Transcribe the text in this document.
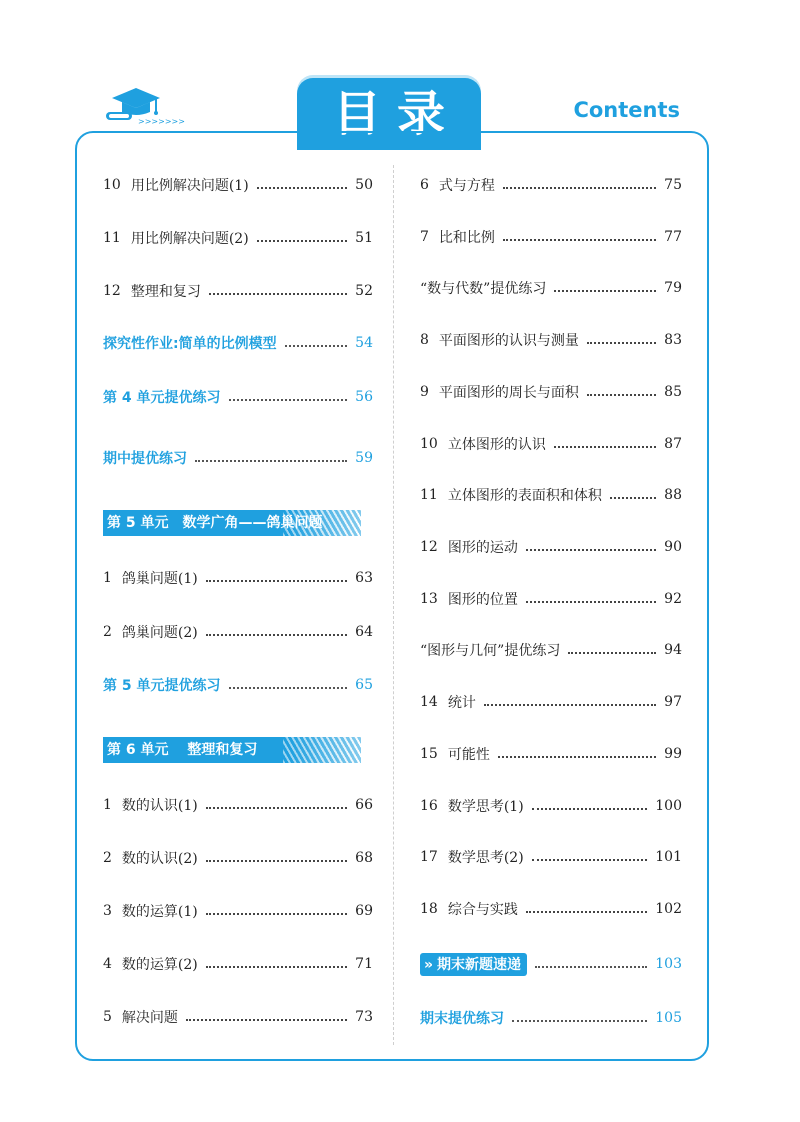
>>>>>>>	目录	Contents
10 用比例解决问题(1)	50
11 用比例解决问题(2)	51
12 整理和复习	52
探究性作业:简单的比例模型	54
第 4 单元提优练习	56
期中提优练习	59
第 5 单元　数学广角——鸽巢问题
1 鸽巢问题(1)	63
2 鸽巢问题(2)	64
第 5 单元提优练习	65
第 6 单元　 整理和复习
1 数的认识(1)	66
2 数的认识(2)	68
3 数的运算(1)	69
4 数的运算(2)	71
5 解决问题	73
6 式与方程	75
7 比和比例	77
“数与代数”提优练习	79
8 平面图形的认识与测量	83
9 平面图形的周长与面积	85
10 立体图形的认识	87
11 立体图形的表面积和体积	88
12 图形的运动	90
13 图形的位置	92
“图形与几何”提优练习	94
14 统计	97
15 可能性	99
16 数学思考(1)	100
17 数学思考(2)	101
18 综合与实践	102
» 期末新题速递	103
期末提优练习	105
